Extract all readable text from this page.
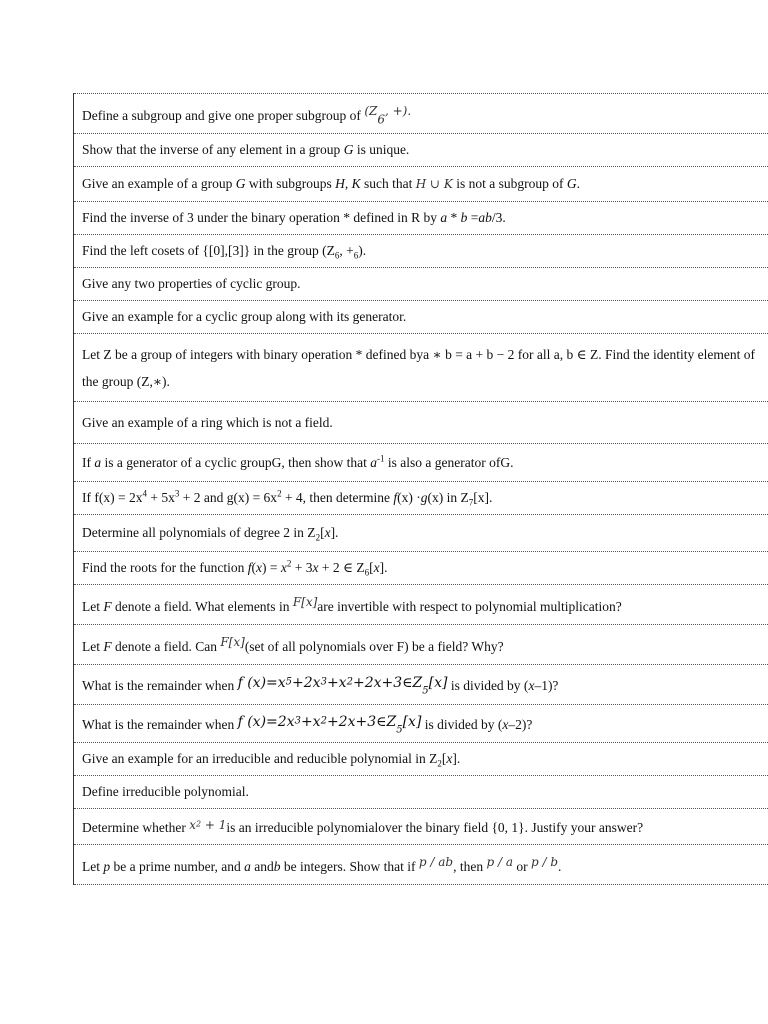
Define a subgroup and give one proper subgroup of ($Z_6$, +).
Show that the inverse of any element in a group G is unique.
Give an example of a group G with subgroups H, K such that H ∪ K is not a subgroup of G.
Find the inverse of 3 under the binary operation * defined in R by a * b =ab/3.
Find the left cosets of {[0],[3]} in the group ($Z_6$, $+_6$).
Give any two properties of cyclic group.
Give an example for a cyclic group along with its generator.
Let Z be a group of integers with binary operation * defined bya ∗ b = a + b − 2 for all a, b ∈ Z. Find the identity element of the group (Z,∗).
Give an example of a ring which is not a field.
If a is a generator of a cyclic groupG, then show that $a^{-1}$ is also a generator ofG.
If $f(x) = 2x^4 + 5x^3 + 2$ and $g(x) = 6x^2 + 4$, then determine f(x) ·g(x) in $Z_7[x]$.
Determine all polynomials of degree 2 in $Z_2[x]$.
Find the roots for the function $f(x) = x^2 + 3x + 2$ ∈ $Z_6[x]$.
Let F denote a field. What elements in F[x]are invertible with respect to polynomial multiplication?
Let F denote a field. Can F[x](set of all polynomials over F) be a field? Why?
What is the remainder when f $(x)=x^5+2x^3+x^2+2x+3\in Z_5[x]$ is divided by (x–1)?
What is the remainder when f $(x)=2x^3+x^2+2x+3\in Z_5[x]$ is divided by (x–2)?
Give an example for an irreducible and reducible polynomial in $Z_2[x]$.
Define irreducible polynomial.
Determine whether $x^2 + 1is$ an irreducible polynomialover the binary field {0, 1}. Justify your answer?
Let p be a prime number, and a andb be integers. Show that if p / ab, then p / a or p / b.
